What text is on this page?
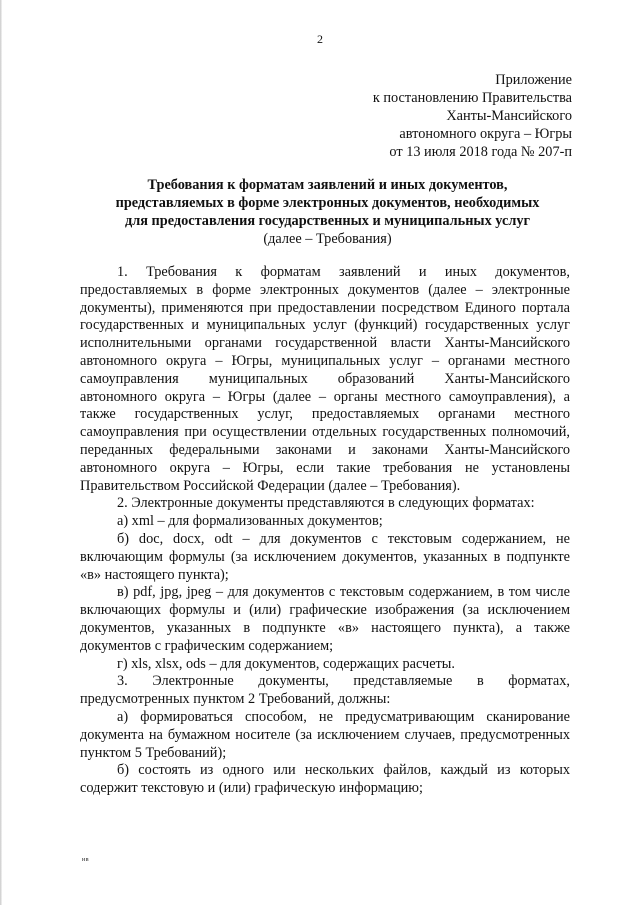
2
Приложение
к постановлению Правительства
Ханты-Мансийского
автономного округа – Югры
от 13 июля 2018 года № 207-п
Требования к форматам заявлений и иных документов,
представляемых в форме электронных документов, необходимых
для предоставления государственных и муниципальных услуг
(далее – Требования)

1. Требования к форматам заявлений и иных документов, предоставляемых в форме электронных документов (далее – электронные документы), применяются при предоставлении посредством Единого портала государственных и муниципальных услуг (функций) государственных услуг исполнительными органами государственной власти Ханты-Мансийского автономного округа – Югры, муниципальных услуг – органами местного самоуправления муниципальных образований Ханты-Мансийского автономного округа – Югры (далее – органы местного самоуправления), а также государственных услуг, предоставляемых органами местного самоуправления при осуществлении отдельных государственных полномочий, переданных федеральными законами и законами Ханты-Мансийского автономного округа – Югры, если такие требования не установлены Правительством Российской Федерации (далее – Требования).

2. Электронные документы представляются в следующих форматах:

а) xml – для формализованных документов;

б) doc, docx, odt – для документов с текстовым содержанием, не включающим формулы (за исключением документов, указанных в подпункте «в» настоящего пункта);

в) pdf, jpg, jpeg – для документов с текстовым содержанием, в том числе включающих формулы и (или) графические изображения (за исключением документов, указанных в подпункте «в» настоящего пункта), а также документов с графическим содержанием;

г) xls, xlsx, ods – для документов, содержащих расчеты.

3. Электронные документы, представляемые в форматах, предусмотренных пунктом 2 Требований, должны:

а) формироваться способом, не предусматривающим сканирование документа на бумажном носителе (за исключением случаев, предусмотренных пунктом 5 Требований);

б) состоять из одного или нескольких файлов, каждый из которых содержит текстовую и (или) графическую информацию;

нв
